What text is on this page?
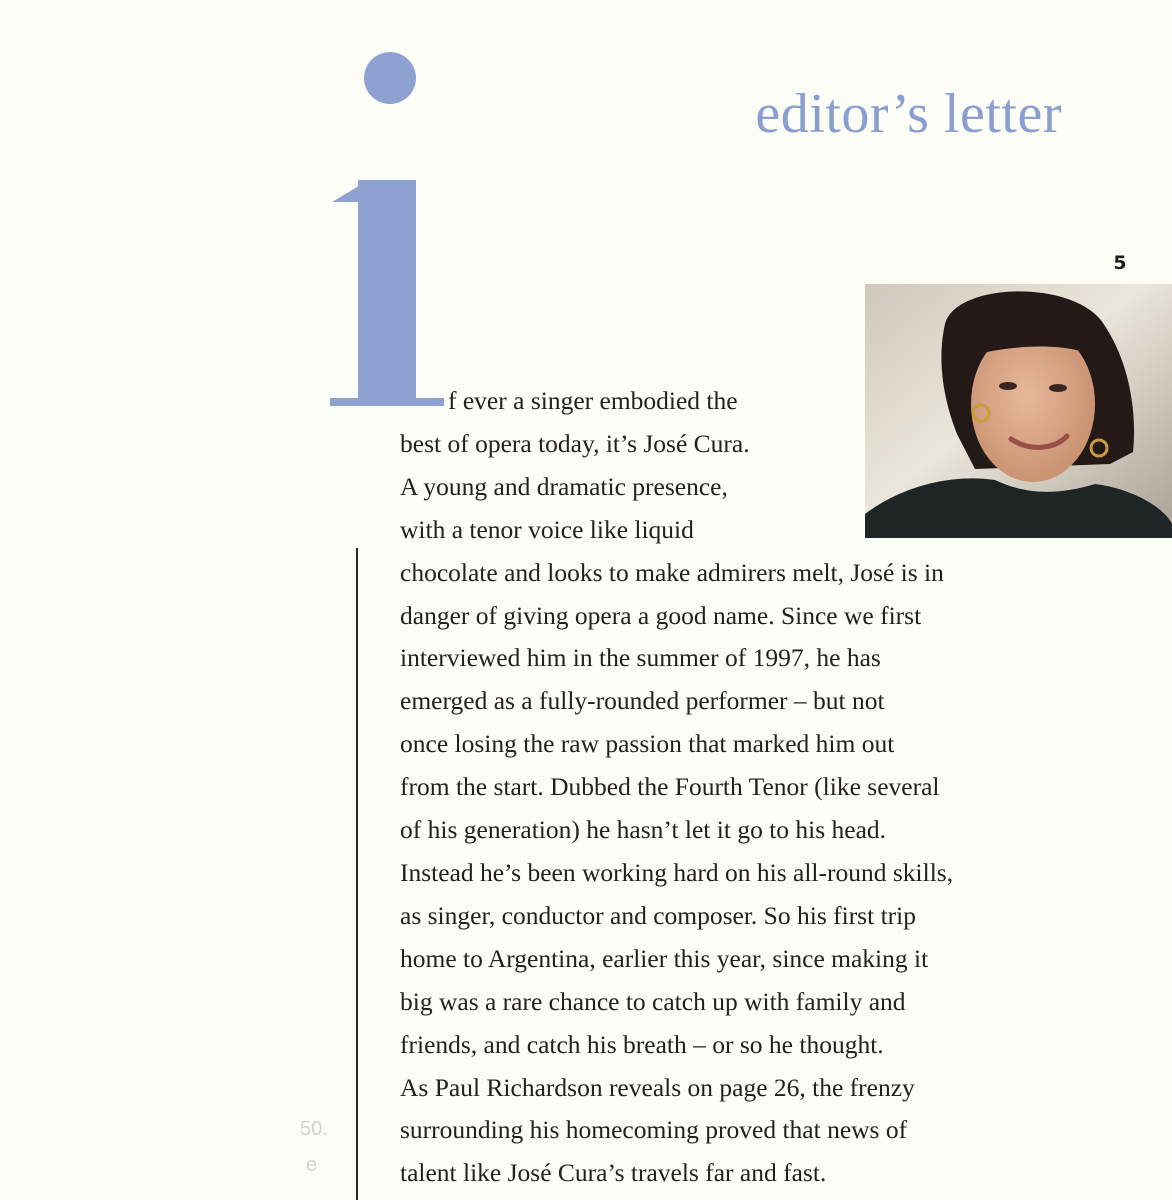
editor’s letter
5
f ever a singer embodied the
best of opera today, it’s José Cura.
A young and dramatic presence,
with a tenor voice like liquid
chocolate and looks to make admirers melt, José is in
danger of giving opera a good name. Since we first
interviewed him in the summer of 1997, he has
emerged as a fully-rounded performer – but not
once losing the raw passion that marked him out
from the start. Dubbed the Fourth Tenor (like several
of his generation) he hasn’t let it go to his head.
Instead he’s been working hard on his all-round skills,
as singer, conductor and composer. So his first trip
home to Argentina, earlier this year, since making it
big was a rare chance to catch up with family and
friends, and catch his breath – or so he thought.
As Paul Richardson reveals on page 26, the frenzy
surrounding his homecoming proved that news of
talent like José Cura’s travels far and fast.
50.
e
